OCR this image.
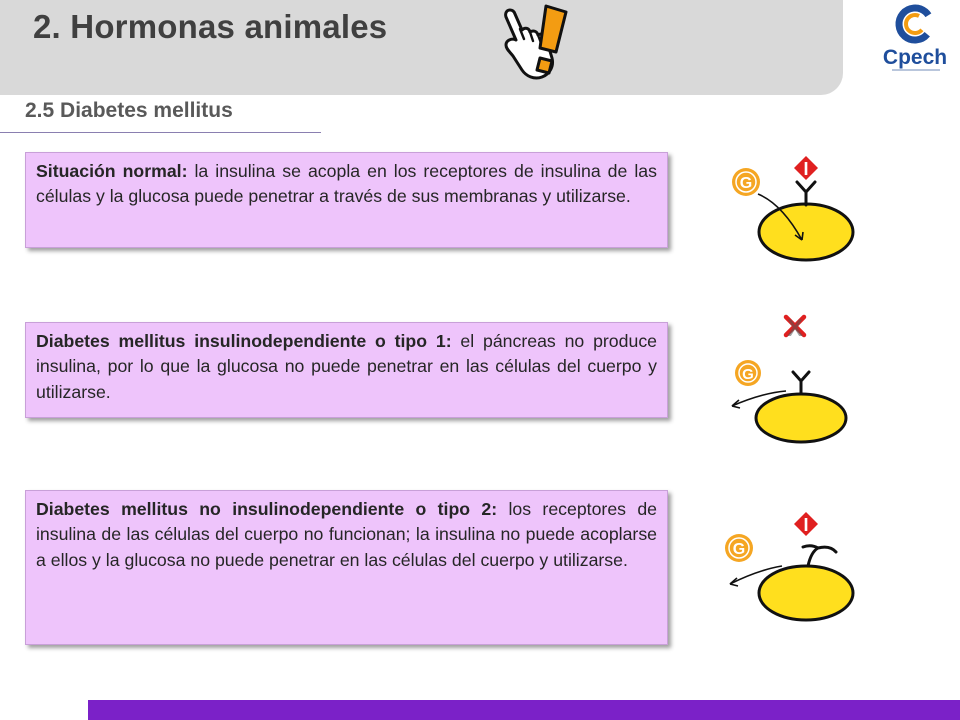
2. Hormonas animales
Cpech
2.5 Diabetes mellitus
Situación normal: la insulina se acopla en los receptores de insulina de las células y la glucosa puede penetrar a través de sus membranas y utilizarse.
Diabetes mellitus insulinodependiente o tipo 1: el páncreas no produce insulina, por lo que la glucosa no puede penetrar en las células del cuerpo y utilizarse.
Diabetes mellitus no insulinodependiente o tipo 2: los receptores de insulina de las células del cuerpo no funcionan; la insulina no puede acoplarse a ellos y la glucosa no puede penetrar en las células del cuerpo y utilizarse.
I
G
X
G
I
G
